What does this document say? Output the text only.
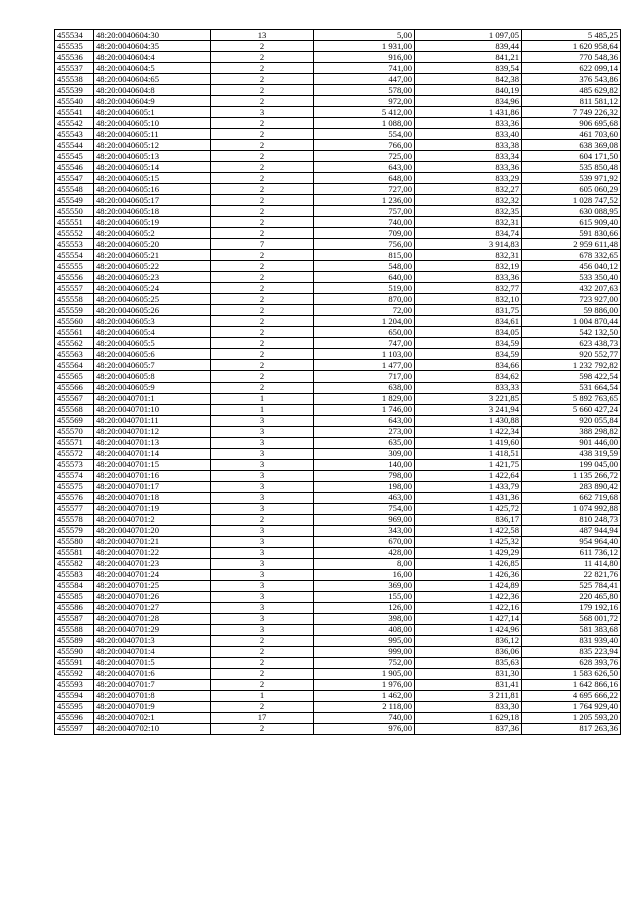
455534	48:20:0040604:30	13	5,00	1 097,05	5 485,25
455535	48:20:0040604:35	2	1 931,00	839,44	1 620 958,64
455536	48:20:0040604:4	2	916,00	841,21	770 548,36
455537	48:20:0040604:5	2	741,00	839,54	622 099,14
455538	48:20:0040604:65	2	447,00	842,38	376 543,86
455539	48:20:0040604:8	2	578,00	840,19	485 629,82
455540	48:20:0040604:9	2	972,00	834,96	811 581,12
455541	48:20:0040605:1	3	5 412,00	1 431,86	7 749 226,32
455542	48:20:0040605:10	2	1 088,00	833,36	906 695,68
455543	48:20:0040605:11	2	554,00	833,40	461 703,60
455544	48:20:0040605:12	2	766,00	833,38	638 369,08
455545	48:20:0040605:13	2	725,00	833,34	604 171,50
455546	48:20:0040605:14	2	643,00	833,36	535 850,48
455547	48:20:0040605:15	2	648,00	833,29	539 971,92
455548	48:20:0040605:16	2	727,00	832,27	605 060,29
455549	48:20:0040605:17	2	1 236,00	832,32	1 028 747,52
455550	48:20:0040605:18	2	757,00	832,35	630 088,95
455551	48:20:0040605:19	2	740,00	832,31	615 909,40
455552	48:20:0040605:2	2	709,00	834,74	591 830,66
455553	48:20:0040605:20	7	756,00	3 914,83	2 959 611,48
455554	48:20:0040605:21	2	815,00	832,31	678 332,65
455555	48:20:0040605:22	2	548,00	832,19	456 040,12
455556	48:20:0040605:23	2	640,00	833,36	533 350,40
455557	48:20:0040605:24	2	519,00	832,77	432 207,63
455558	48:20:0040605:25	2	870,00	832,10	723 927,00
455559	48:20:0040605:26	2	72,00	831,75	59 886,00
455560	48:20:0040605:3	2	1 204,00	834,61	1 004 870,44
455561	48:20:0040605:4	2	650,00	834,05	542 132,50
455562	48:20:0040605:5	2	747,00	834,59	623 438,73
455563	48:20:0040605:6	2	1 103,00	834,59	920 552,77
455564	48:20:0040605:7	2	1 477,00	834,66	1 232 792,82
455565	48:20:0040605:8	2	717,00	834,62	598 422,54
455566	48:20:0040605:9	2	638,00	833,33	531 664,54
455567	48:20:0040701:1	1	1 829,00	3 221,85	5 892 763,65
455568	48:20:0040701:10	1	1 746,00	3 241,94	5 660 427,24
455569	48:20:0040701:11	3	643,00	1 430,88	920 055,84
455570	48:20:0040701:12	3	273,00	1 422,34	388 298,82
455571	48:20:0040701:13	3	635,00	1 419,60	901 446,00
455572	48:20:0040701:14	3	309,00	1 418,51	438 319,59
455573	48:20:0040701:15	3	140,00	1 421,75	199 045,00
455574	48:20:0040701:16	3	798,00	1 422,64	1 135 266,72
455575	48:20:0040701:17	3	198,00	1 433,79	283 890,42
455576	48:20:0040701:18	3	463,00	1 431,36	662 719,68
455577	48:20:0040701:19	3	754,00	1 425,72	1 074 992,88
455578	48:20:0040701:2	2	969,00	836,17	810 248,73
455579	48:20:0040701:20	3	343,00	1 422,58	487 944,94
455580	48:20:0040701:21	3	670,00	1 425,32	954 964,40
455581	48:20:0040701:22	3	428,00	1 429,29	611 736,12
455582	48:20:0040701:23	3	8,00	1 426,85	11 414,80
455583	48:20:0040701:24	3	16,00	1 426,36	22 821,76
455584	48:20:0040701:25	3	369,00	1 424,89	525 784,41
455585	48:20:0040701:26	3	155,00	1 422,36	220 465,80
455586	48:20:0040701:27	3	126,00	1 422,16	179 192,16
455587	48:20:0040701:28	3	398,00	1 427,14	568 001,72
455588	48:20:0040701:29	3	408,00	1 424,96	581 383,68
455589	48:20:0040701:3	2	995,00	836,12	831 939,40
455590	48:20:0040701:4	2	999,00	836,06	835 223,94
455591	48:20:0040701:5	2	752,00	835,63	628 393,76
455592	48:20:0040701:6	2	1 905,00	831,30	1 583 626,50
455593	48:20:0040701:7	2	1 976,00	831,41	1 642 866,16
455594	48:20:0040701:8	1	1 462,00	3 211,81	4 695 666,22
455595	48:20:0040701:9	2	2 118,00	833,30	1 764 929,40
455596	48:20:0040702:1	17	740,00	1 629,18	1 205 593,20
455597	48:20:0040702:10	2	976,00	837,36	817 263,36
